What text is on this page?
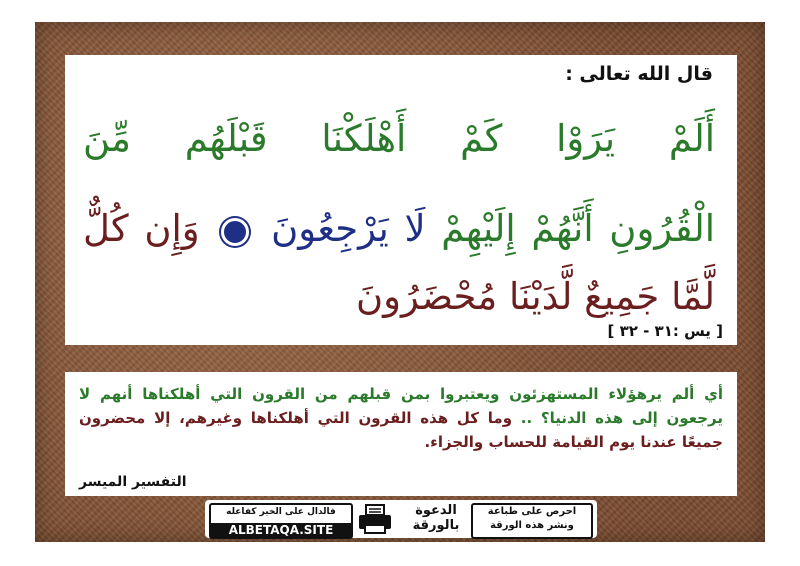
قال الله تعالى :
أَلَمْ يَرَوْا كَمْ أَهْلَكْنَا قَبْلَهُم مِّنَ
الْقُرُونِ أَنَّهُمْ إِلَيْهِمْ لَا يَرْجِعُونَ  وَإِن كُلٌّ
لَّمَّا جَمِيعٌ لَّدَيْنَا مُحْضَرُونَ
[ يس :٣١ - ٣٢ ]
أي ألم يرهؤلاء المستهزئون ويعتبروا بمن قبلهم من القرون التي أهلكناها أنهم لا يرجعون إلى هذه الدنيا؟ .. وما كل هذه القرون التي أهلكناها وغيرهم، إلا محضرون جميعًا عندنا يوم القيامة للحساب والجزاء.
التفسير الميسر
فالدال على الخير كفاعله
ALBETAQA.SITE
الدعوة
بالورقة
احرص على طباعة
ونشر هذه الورقة
